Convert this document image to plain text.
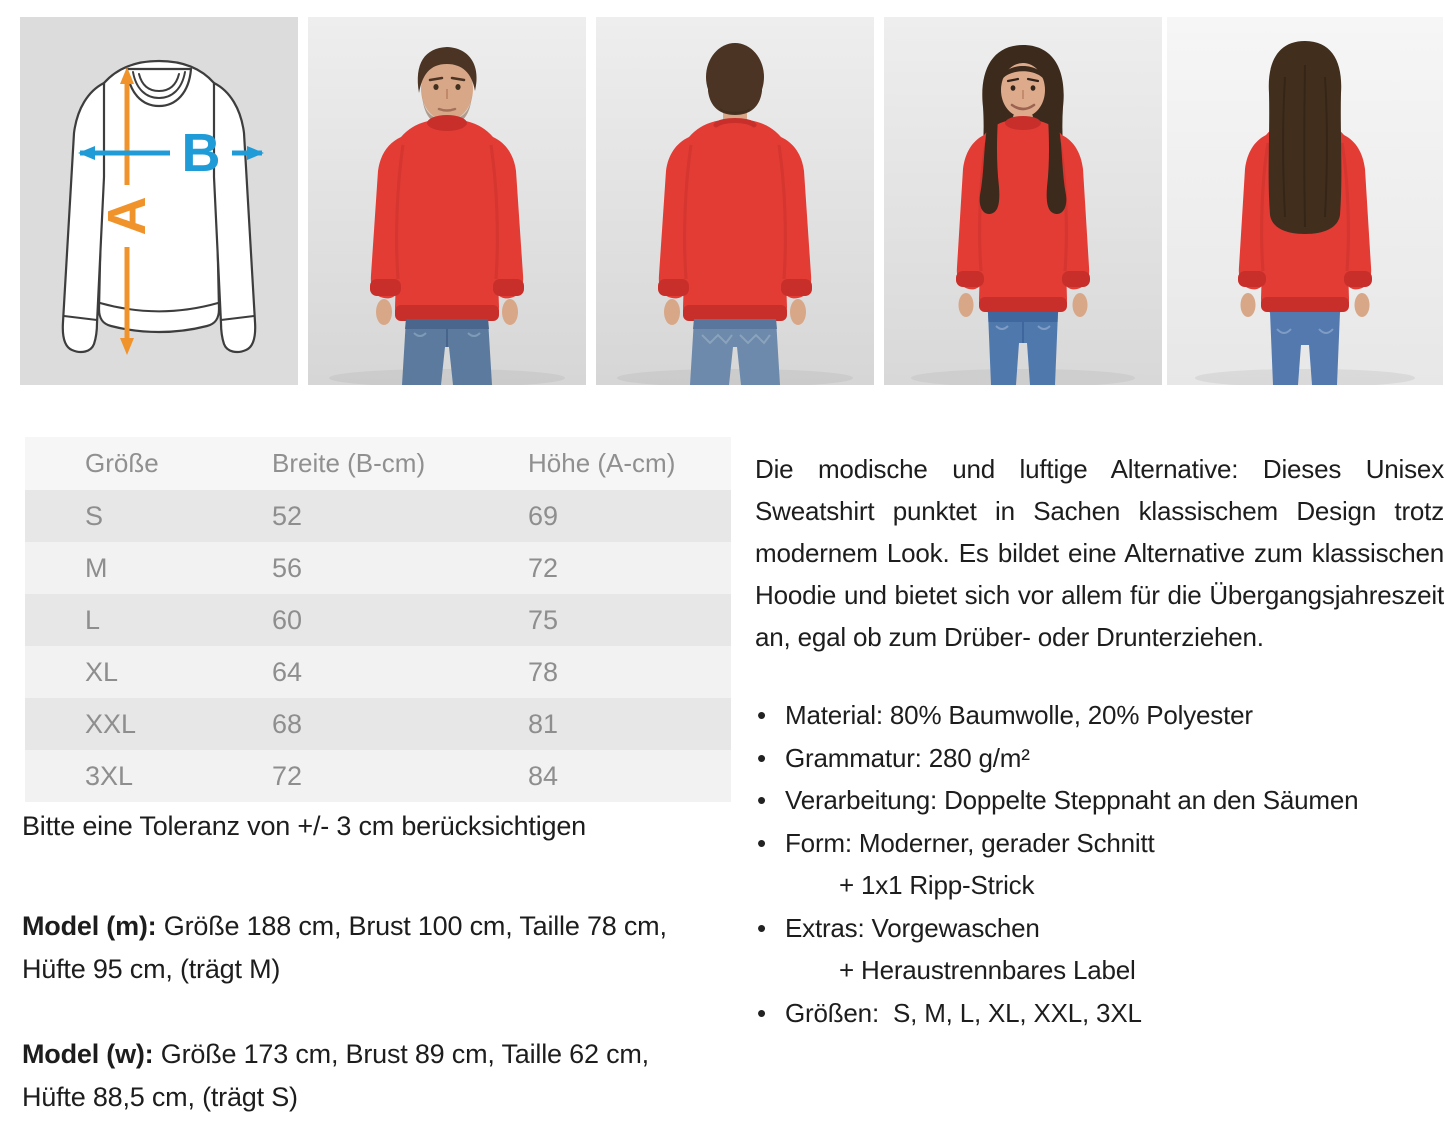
A
B
Größe	Breite (B-cm)	Höhe (A-cm)
S	52	69
M	56	72
L	60	75
XL	64	78
XXL	68	81
3XL	72	84

Bitte eine Toleranz von +/- 3 cm berücksichtigen

Model (m): Größe 188 cm, Brust 100 cm, Taille 78 cm, Hüfte 95 cm, (trägt M)

Model (w): Größe 173 cm, Brust 89 cm, Taille 62 cm, Hüfte 88,5 cm, (trägt S)

Die modische und luftige Alternative: Dieses Unisex Sweatshirt punktet in Sachen klassischem Design trotz modernem Look. Es bildet eine Alternative zum klassischen Hoodie und bietet sich vor allem für die Übergangsjahreszeit an, egal ob zum Drüber- oder Drunterziehen.

• Material: 80% Baumwolle, 20% Polyester
• Grammatur: 280 g/m²
• Verarbeitung: Doppelte Steppnaht an den Säumen
• Form: Moderner, gerader Schnitt
+ 1x1 Ripp-Strick
• Extras: Vorgewaschen
+ Heraustrennbares Label
• Größen:  S, M, L, XL, XXL, 3XL
